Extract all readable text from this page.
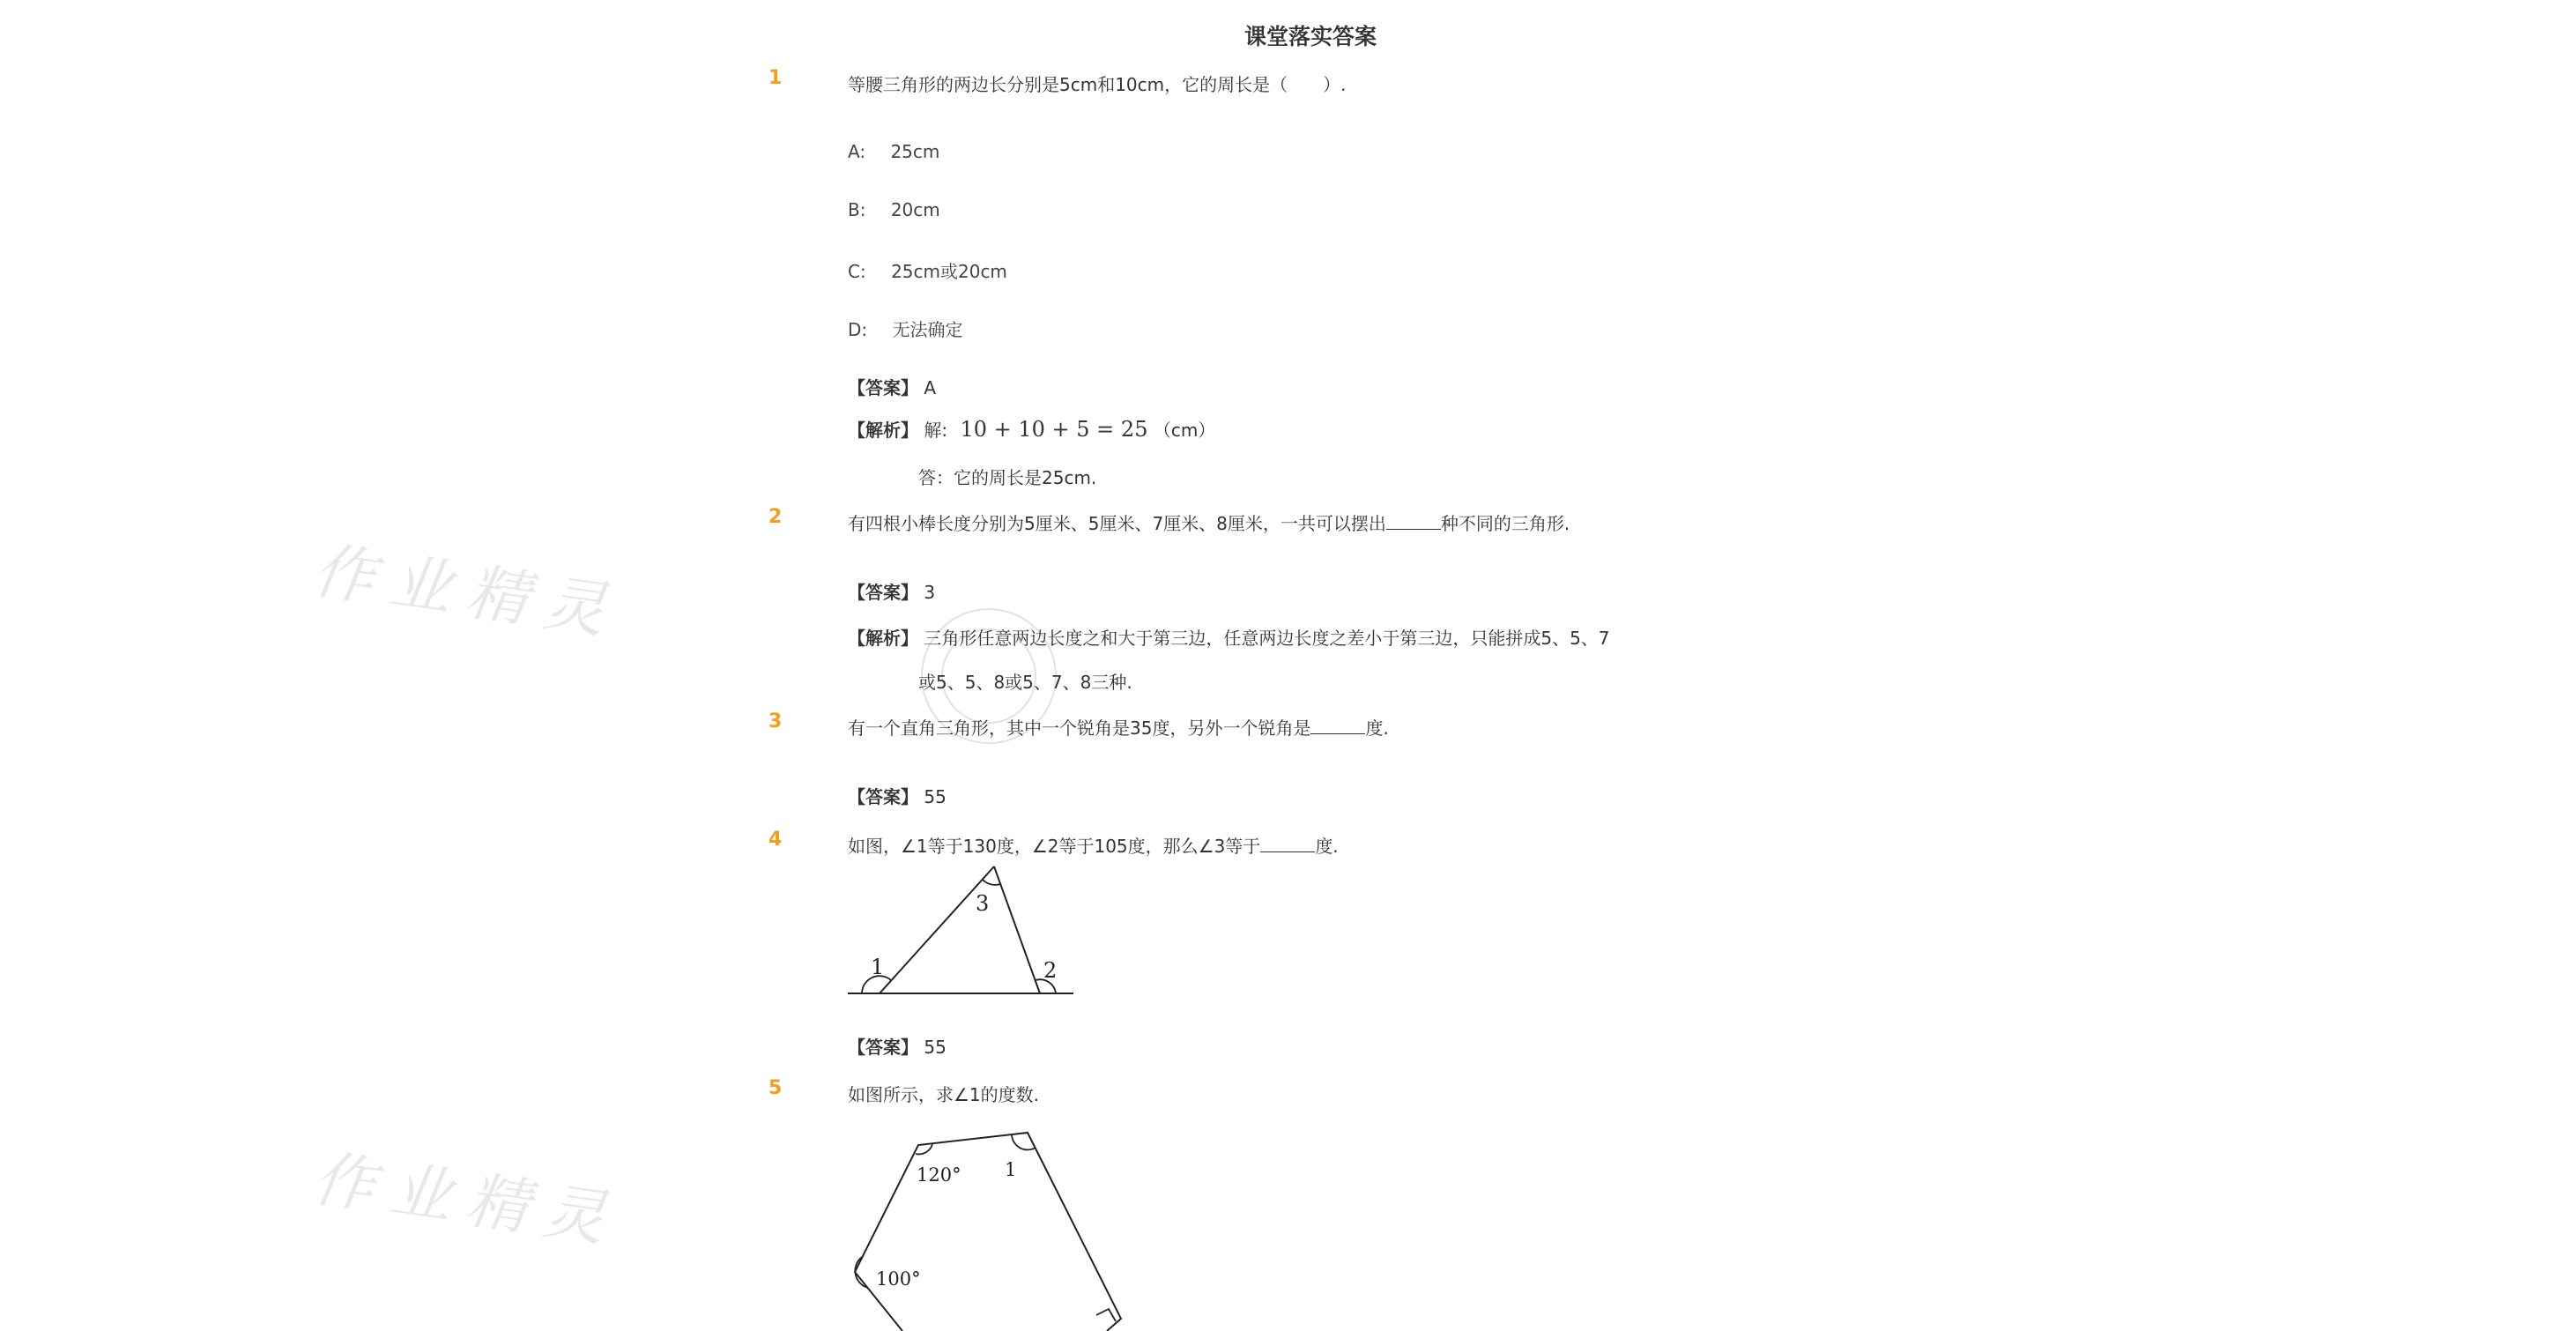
作业精灵
作业精灵
课堂落实答案
1	等腰三角形的两边长分别是5cm和10cm，它的周长是（　　）.
A: 25cm
B: 20cm
C: 25cm或20cm
D: 无法确定
【答案】 A
【解析】 解: 10 + 10 + 5 = 25 （cm）
答：它的周长是25cm.
2	有四根小棒长度分别为5厘米、5厘米、7厘米、8厘米，一共可以摆出	种不同的三角形.
【答案】 3
【解析】 三角形任意两边长度之和大于第三边，任意两边长度之差小于第三边，只能拼成5、5、7
或5、5、8或5、7、8三种.
3	有一个直角三角形，其中一个锐角是35度，另外一个锐角是	度.
【答案】 55
4	如图，∠1等于130度，∠2等于105度，那么∠3等于	度.
1	2
3
【答案】 55
5	如图所示，求∠1的度数.
120° 1
100°
